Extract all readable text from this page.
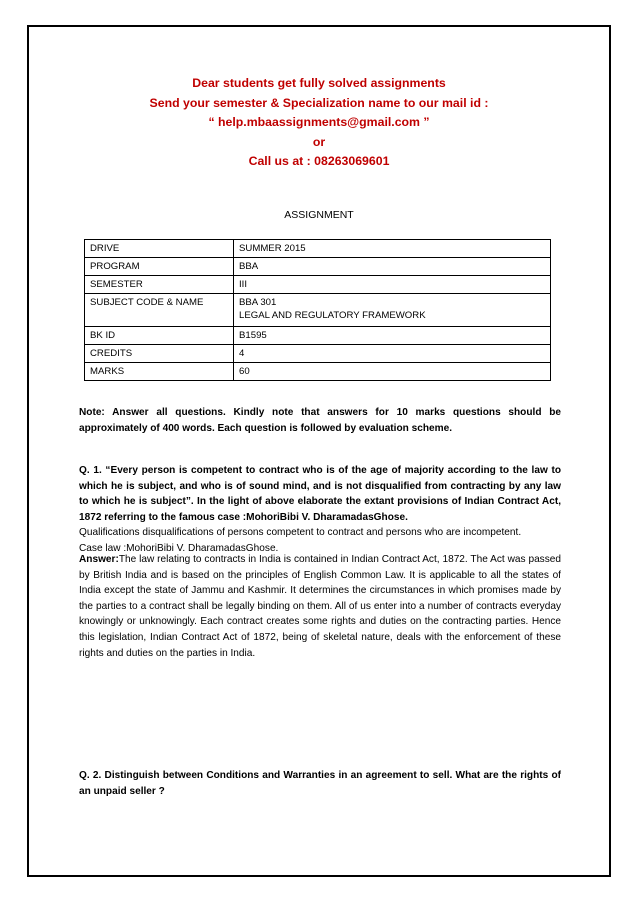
Dear students get fully solved assignments
Send your semester & Specialization name to our mail id :
“ help.mbaassignments@gmail.com ”
or
Call us at : 08263069601
ASSIGNMENT
DRIVE	SUMMER 2015
PROGRAM	BBA
SEMESTER	III
SUBJECT CODE & NAME	BBA 301
LEGAL AND REGULATORY FRAMEWORK

BK ID	B1595
CREDITS	4
MARKS	60
Note: Answer all questions. Kindly note that answers for 10 marks questions should be approximately of 400 words. Each question is followed by evaluation scheme.
Q. 1. “Every person is competent to contract who is of the age of majority according to the law to which he is subject, and who is of sound mind, and is not disqualified from contracting by any law to which he is subject”. In the light of above elaborate the extant provisions of Indian Contract Act, 1872 referring to the famous case :MohoriBibi V. DharamadasGhose.
Qualifications disqualifications of persons competent to contract and persons who are incompetent.
Case law :MohoriBibi V. DharamadasGhose.
Answer:The law relating to contracts in India is contained in Indian Contract Act, 1872. The Act was passed by British India and is based on the principles of English Common Law. It is applicable to all the states of India except the state of Jammu and Kashmir. It determines the circumstances in which promises made by the parties to a contract shall be legally binding on them. All of us enter into a number of contracts everyday knowingly or unknowingly. Each contract creates some rights and duties on the contracting parties. Hence this legislation, Indian Contract Act of 1872, being of skeletal nature, deals with the enforcement of these rights and duties on the parties in India.
Q. 2. Distinguish between Conditions and Warranties in an agreement to sell. What are the rights of an unpaid seller ?
